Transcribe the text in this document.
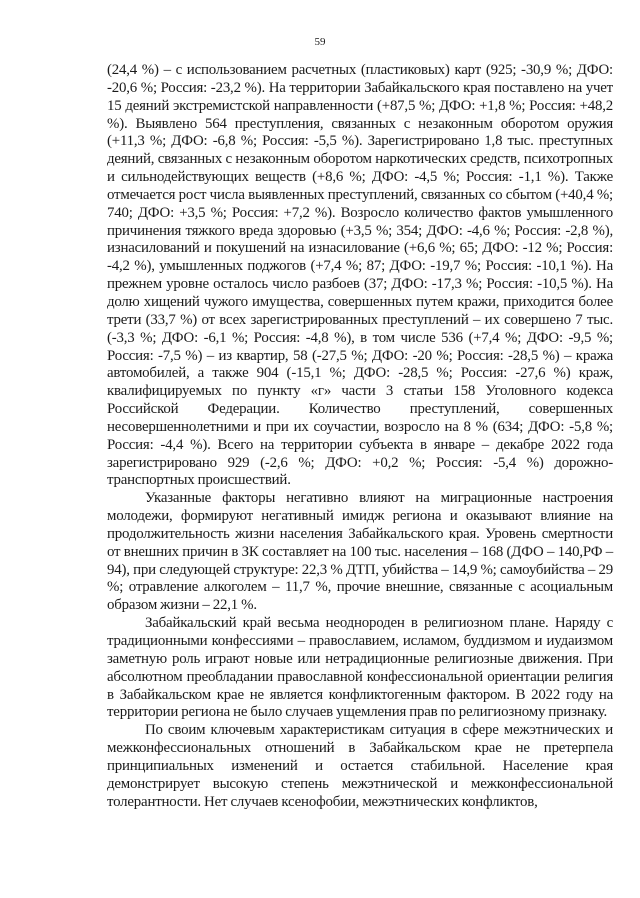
59

(24,4 %) – с использованием расчетных (пластиковых) карт (925; -30,9 %; ДФО: -20,6 %; Россия: -23,2 %). На территории Забайкальского края поставлено на учет 15 деяний экстремистской направленности (+87,5 %; ДФО: +1,8 %; Россия: +48,2 %). Выявлено 564 преступления, связанных с незаконным оборотом оружия (+11,3 %; ДФО: -6,8 %; Россия: -5,5 %). Зарегистрировано 1,8 тыс. преступных деяний, связанных с незаконным оборотом наркотических средств, психотропных и сильнодействующих веществ (+8,6 %; ДФО: -4,5 %; Россия: -1,1 %). Также отмечается рост числа выявленных преступлений, связанных со сбытом (+40,4 %; 740; ДФО: +3,5 %; Россия: +7,2 %). Возросло количество фактов умышленного причинения тяжкого вреда здоровью (+3,5 %; 354; ДФО: -4,6 %; Россия: -2,8 %), изнасилований и покушений на изнасилование (+6,6 %; 65; ДФО: -12 %; Россия: -4,2 %), умышленных поджогов (+7,4 %; 87; ДФО: -19,7 %; Россия: -10,1 %). На прежнем уровне осталось число разбоев (37; ДФО: -17,3 %; Россия: -10,5 %). На долю хищений чужого имущества, совершенных путем кражи, приходится более трети (33,7 %) от всех зарегистрированных преступлений – их совершено 7 тыс. (-3,3 %; ДФО: -6,1 %; Россия: -4,8 %), в том числе 536 (+7,4 %; ДФО: -9,5 %; Россия: -7,5 %) – из квартир, 58 (-27,5 %; ДФО: -20 %; Россия: -28,5 %) – кража автомобилей, а также 904 (-15,1 %; ДФО: -28,5 %; Россия: -27,6 %) краж, квалифицируемых по пункту «г» части 3 статьи 158 Уголовного кодекса Российской Федерации. Количество преступлений, совершенных несовершеннолетними и при их соучастии, возросло на 8 % (634; ДФО: -5,8 %; Россия: -4,4 %). Всего на территории субъекта в январе – декабре 2022 года зарегистрировано 929 (-2,6 %; ДФО: +0,2 %; Россия: -5,4 %) дорожно-транспортных происшествий.

Указанные факторы негативно влияют на миграционные настроения молодежи, формируют негативный имидж региона и оказывают влияние на продолжительность жизни населения Забайкальского края. Уровень смертности от внешних причин в ЗК составляет на 100 тыс. населения – 168 (ДФО – 140,РФ – 94), при следующей структуре: 22,3 % ДТП, убийства – 14,9 %; самоубийства – 29 %; отравление алкоголем – 11,7 %, прочие внешние, связанные с асоциальным образом жизни – 22,1 %.

Забайкальский край весьма неоднороден в религиозном плане. Наряду с традиционными конфессиями – православием, исламом, буддизмом и иудаизмом заметную роль играют новые или нетрадиционные религиозные движения. При абсолютном преобладании православной конфессиональной ориентации религия в Забайкальском крае не является конфликтогенным фактором. В 2022 году на территории региона не было случаев ущемления прав по религиозному признаку.

По своим ключевым характеристикам ситуация в сфере межэтнических и межконфессиональных отношений в Забайкальском крае не претерпела принципиальных изменений и остается стабильной. Население края демонстрирует высокую степень межэтнической и межконфессиональной толерантности. Нет случаев ксенофобии, межэтнических конфликтов,
